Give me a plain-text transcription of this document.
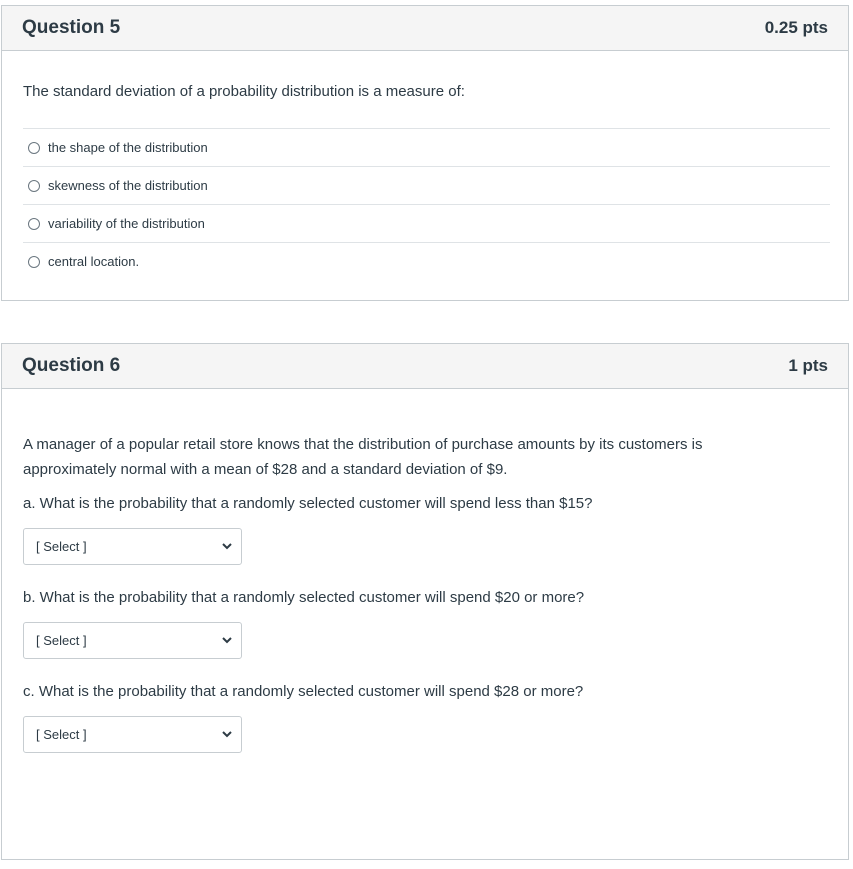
Question 5	0.25 pts
The standard deviation of a probability distribution is a measure of:
the shape of the distribution
skewness of the distribution
variability of the distribution
central location.
Question 6	1 pts

A manager of a popular retail store knows that the distribution of purchase amounts by its customers is approximately normal with a mean of $28 and a standard deviation of $9.

a. What is the probability that a randomly selected customer will spend less than $15?

[ Select ]

b. What is the probability that a randomly selected customer will spend $20 or more?

[ Select ]

c. What is the probability that a randomly selected customer will spend $28 or more?

[ Select ]
